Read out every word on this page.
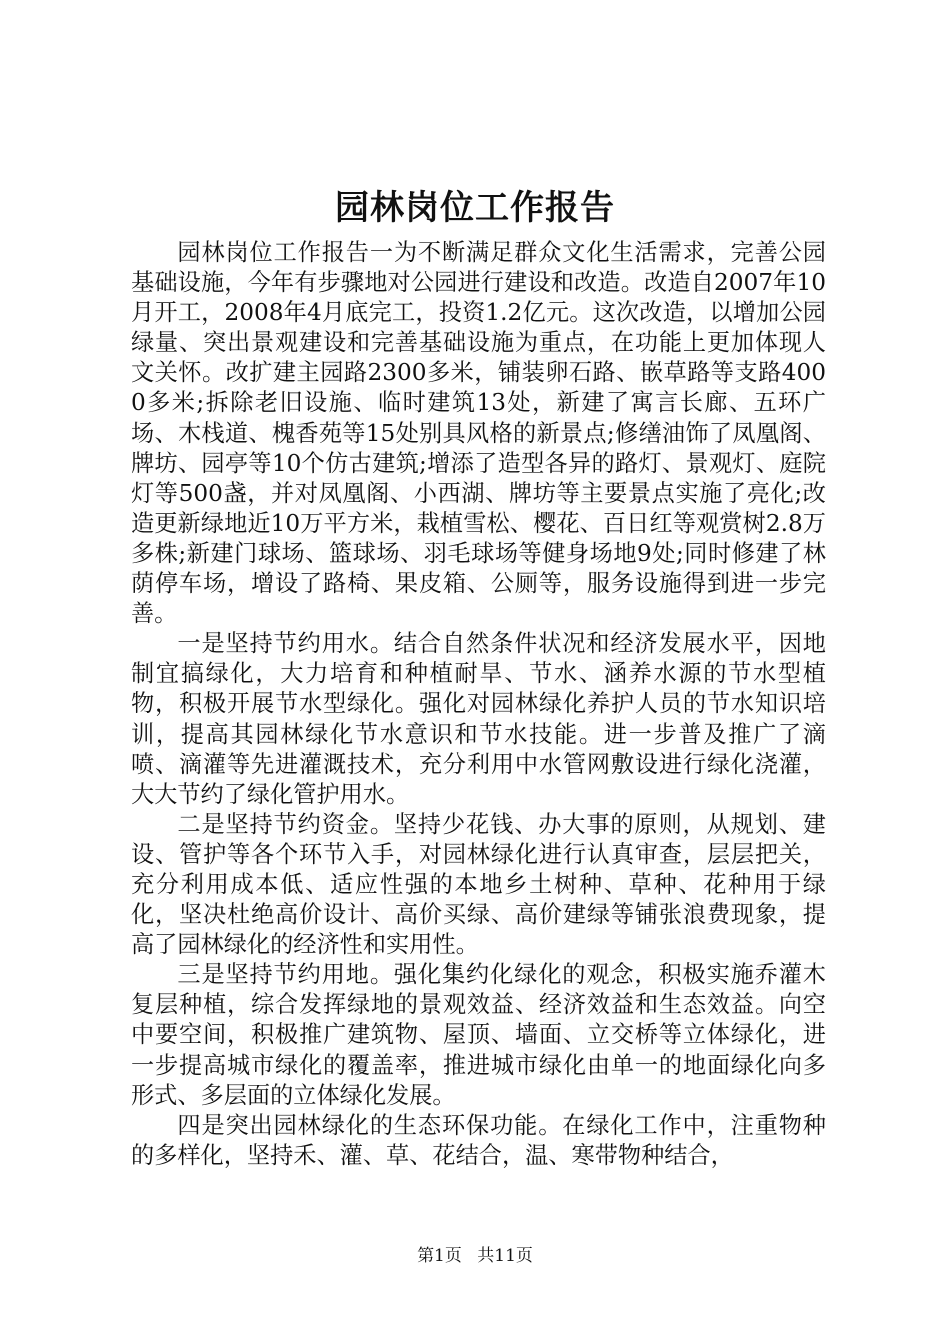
园林岗位工作报告

园林岗位工作报告一为不断满足群众文化生活需求，完善公园基础设施，今年有步骤地对公园进行建设和改造。改造自2007年10月开工，2008年4月底完工，投资1.2亿元。这次改造，以增加公园绿量、突出景观建设和完善基础设施为重点，在功能上更加体现人文关怀。改扩建主园路2300多米，铺装卵石路、嵌草路等支路4000多米;拆除老旧设施、临时建筑13处，新建了寓言长廊、五环广场、木栈道、槐香苑等15处别具风格的新景点;修缮油饰了凤凰阁、牌坊、园亭等10个仿古建筑;增添了造型各异的路灯、景观灯、庭院灯等500盏，并对凤凰阁、小西湖、牌坊等主要景点实施了亮化;改造更新绿地近10万平方米，栽植雪松、樱花、百日红等观赏树2.8万多株;新建门球场、篮球场、羽毛球场等健身场地9处;同时修建了林荫停车场，增设了路椅、果皮箱、公厕等，服务设施得到进一步完善。

一是坚持节约用水。结合自然条件状况和经济发展水平，因地制宜搞绿化，大力培育和种植耐旱、节水、涵养水源的节水型植物，积极开展节水型绿化。强化对园林绿化养护人员的节水知识培训，提高其园林绿化节水意识和节水技能。进一步普及推广了滴喷、滴灌等先进灌溉技术，充分利用中水管网敷设进行绿化浇灌，大大节约了绿化管护用水。

二是坚持节约资金。坚持少花钱、办大事的原则，从规划、建设、管护等各个环节入手，对园林绿化进行认真审查，层层把关，充分利用成本低、适应性强的本地乡土树种、草种、花种用于绿化，坚决杜绝高价设计、高价买绿、高价建绿等铺张浪费现象，提高了园林绿化的经济性和实用性。

三是坚持节约用地。强化集约化绿化的观念，积极实施乔灌木复层种植，综合发挥绿地的景观效益、经济效益和生态效益。向空中要空间，积极推广建筑物、屋顶、墙面、立交桥等立体绿化，进一步提高城市绿化的覆盖率，推进城市绿化由单一的地面绿化向多形式、多层面的立体绿化发展。

四是突出园林绿化的生态环保功能。在绿化工作中，注重物种的多样化，坚持禾、灌、草、花结合，温、寒带物种结合，

第1页 共11页
